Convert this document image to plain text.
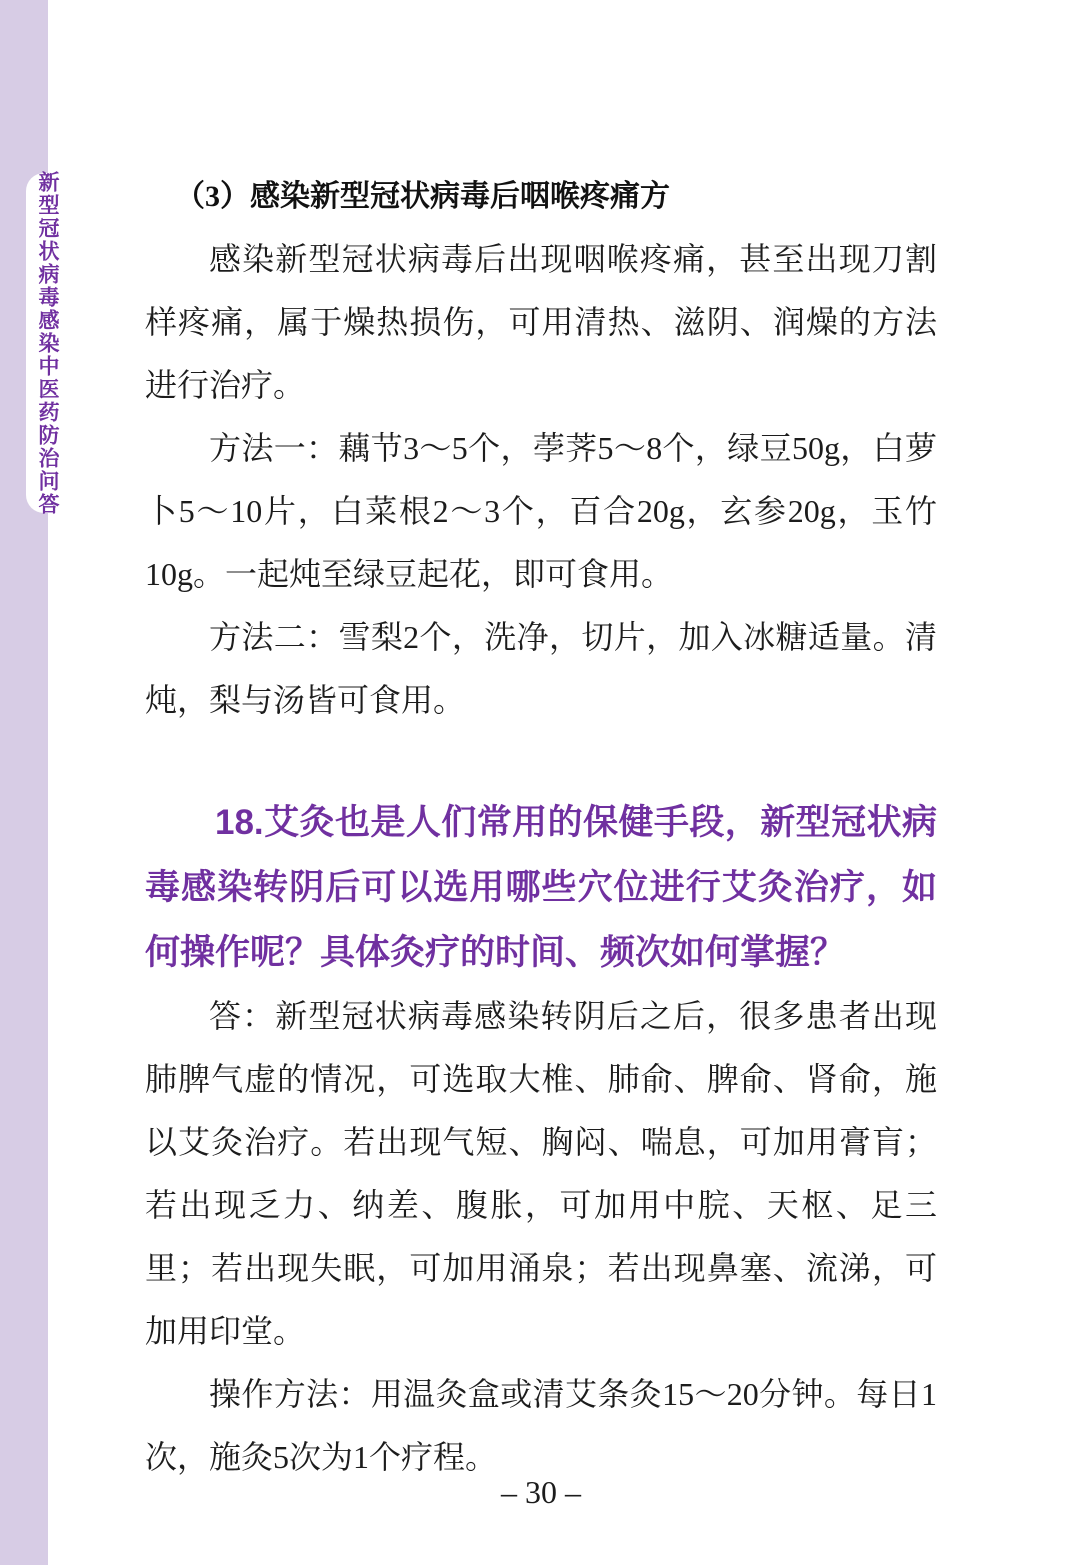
新型冠状病毒感染中医药防治问答	（3）感染新型冠状病毒后咽喉疼痛方

感染新型冠状病毒后出现咽喉疼痛，甚至出现刀割样疼痛，属于燥热损伤，可用清热、滋阴、润燥的方法进行治疗。

方法一：藕节3～5个，荸荠5～8个，绿豆50g，白萝卜5～10片，白菜根2～3个，百合20g，玄参20g，玉竹10g。一起炖至绿豆起花，即可食用。

方法二：雪梨2个，洗净，切片，加入冰糖适量。清炖，梨与汤皆可食用。

18.艾灸也是人们常用的保健手段，新型冠状病毒感染转阴后可以选用哪些穴位进行艾灸治疗，如何操作呢？具体灸疗的时间、频次如何掌握？

答：新型冠状病毒感染转阴后之后，很多患者出现肺脾气虚的情况，可选取大椎、肺俞、脾俞、肾俞，施以艾灸治疗。若出现气短、胸闷、喘息，可加用膏肓；若出现乏力、纳差、腹胀，可加用中脘、天枢、足三里；若出现失眠，可加用涌泉；若出现鼻塞、流涕，可加用印堂。

操作方法：用温灸盒或清艾条灸15～20分钟。每日1次，施灸5次为1个疗程。

– 30 –
